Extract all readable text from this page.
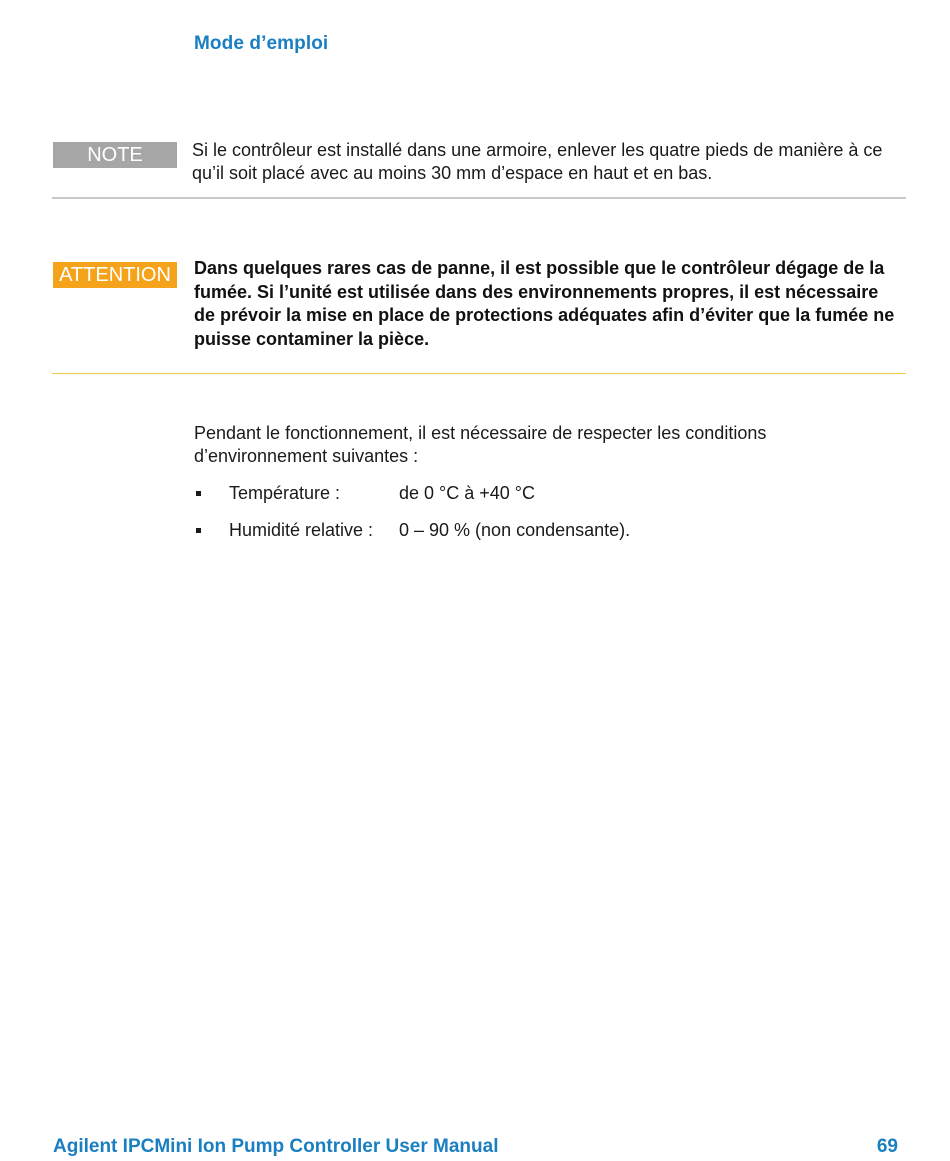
Mode d’emploi
NOTE	Si le contrôleur est installé dans une armoire, enlever les quatre pieds de manière à ce qu’il soit placé avec au moins 30 mm d’espace en haut et en bas.
ATTENTION	Dans quelques rares cas de panne, il est possible que le contrôleur dégage de la fumée. Si l’unité est utilisée dans des environnements propres, il est nécessaire de prévoir la mise en place de protections adéquates afin d’éviter que la fumée ne puisse contaminer la pièce.
Pendant le fonctionnement, il est nécessaire de respecter les conditions d’environnement suivantes :
Température :	de 0 °C à +40 °C
Humidité relative : 0 – 90 % (non condensante).
Agilent IPCMini Ion Pump Controller User Manual	69
